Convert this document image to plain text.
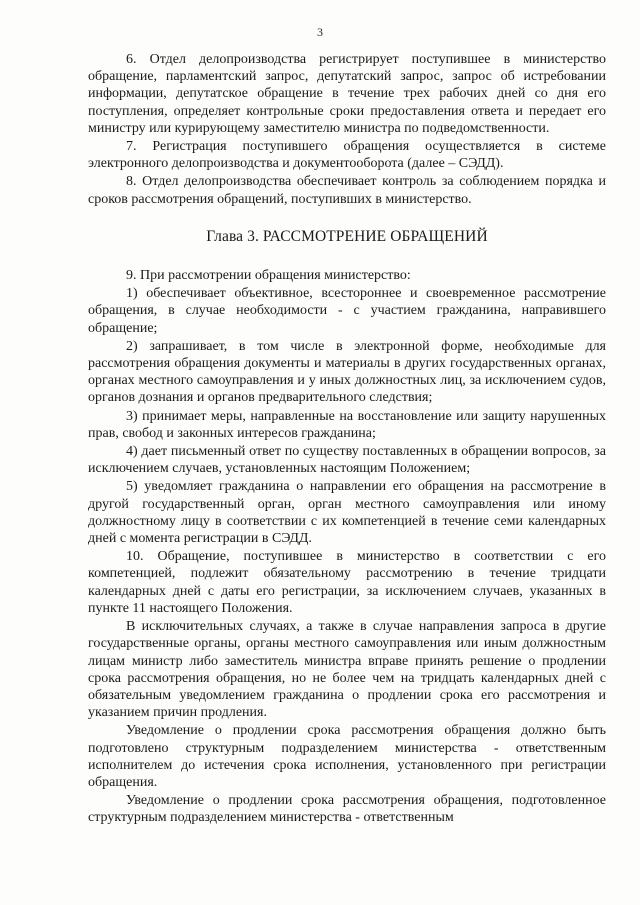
3

6. Отдел делопроизводства регистрирует поступившее в министерство обращение, парламентский запрос, депутатский запрос, запрос об истребовании информации, депутатское обращение в течение трех рабочих дней со дня его поступления, определяет контрольные сроки предоставления ответа и передает его министру или курирующему заместителю министра по подведомственности.

7. Регистрация поступившего обращения осуществляется в системе электронного делопроизводства и документооборота (далее – СЭДД).

8. Отдел делопроизводства обеспечивает контроль за соблюдением порядка и сроков рассмотрения обращений, поступивших в министерство.

Глава 3. РАССМОТРЕНИЕ ОБРАЩЕНИЙ

9. При рассмотрении обращения министерство:

1) обеспечивает объективное, всестороннее и своевременное рассмотрение обращения, в случае необходимости - с участием гражданина, направившего обращение;

2) запрашивает, в том числе в электронной форме, необходимые для рассмотрения обращения документы и материалы в других государственных органах, органах местного самоуправления и у иных должностных лиц, за исключением судов, органов дознания и органов предварительного следствия;

3) принимает меры, направленные на восстановление или защиту нарушенных прав, свобод и законных интересов гражданина;

4) дает письменный ответ по существу поставленных в обращении вопросов, за исключением случаев, установленных настоящим Положением;

5) уведомляет гражданина о направлении его обращения на рассмотрение в другой государственный орган, орган местного самоуправления или иному должностному лицу в соответствии с их компетенцией в течение семи календарных дней с момента регистрации в СЭДД.

10. Обращение, поступившее в министерство в соответствии с его компетенцией, подлежит обязательному рассмотрению в течение тридцати календарных дней с даты его регистрации, за исключением случаев, указанных в пункте 11 настоящего Положения.

В исключительных случаях, а также в случае направления запроса в другие государственные органы, органы местного самоуправления или иным должностным лицам министр либо заместитель министра вправе принять решение о продлении срока рассмотрения обращения, но не более чем на тридцать календарных дней с обязательным уведомлением гражданина о продлении срока его рассмотрения и указанием причин продления.

Уведомление о продлении срока рассмотрения обращения должно быть подготовлено структурным подразделением министерства - ответственным исполнителем до истечения срока исполнения, установленного при регистрации обращения.

Уведомление о продлении срока рассмотрения обращения, подготовленное структурным подразделением министерства - ответственным
